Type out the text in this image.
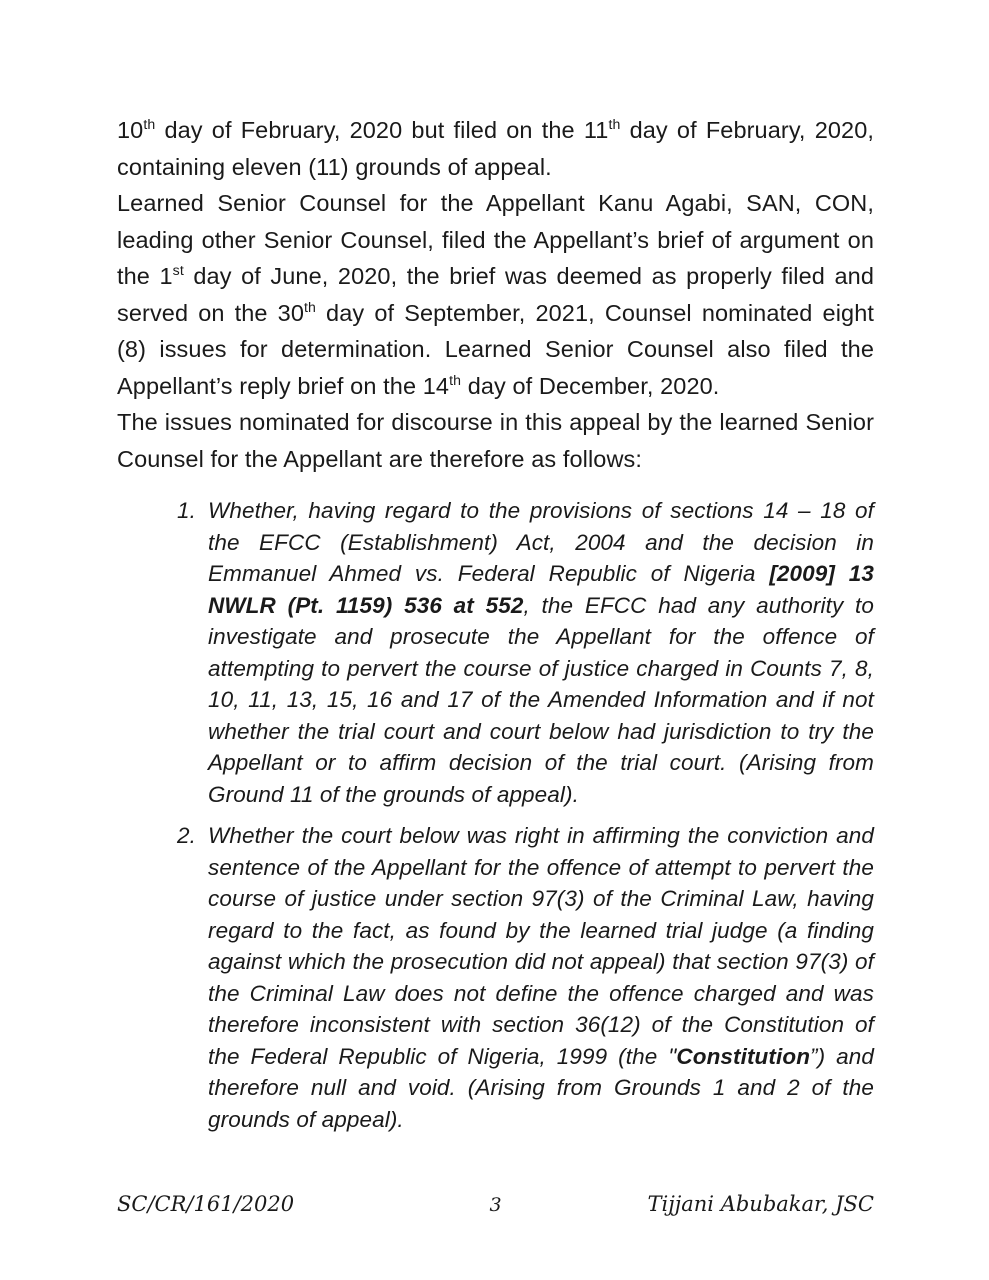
10th day of February, 2020 but filed on the 11th day of February, 2020, containing eleven (11) grounds of appeal.

Learned Senior Counsel for the Appellant Kanu Agabi, SAN, CON, leading other Senior Counsel, filed the Appellant’s brief of argument on the 1st day of June, 2020, the brief was deemed as properly filed and served on the 30th day of September, 2021, Counsel nominated eight (8) issues for determination. Learned Senior Counsel also filed the Appellant’s reply brief on the 14th day of December, 2020.

The issues nominated for discourse in this appeal by the learned Senior Counsel for the Appellant are therefore as follows:

1. Whether, having regard to the provisions of sections 14 – 18 of the EFCC (Establishment) Act, 2004 and the decision in Emmanuel Ahmed vs. Federal Republic of Nigeria [2009] 13 NWLR (Pt. 1159) 536 at 552, the EFCC had any authority to investigate and prosecute the Appellant for the offence of attempting to pervert the course of justice charged in Counts 7, 8, 10, 11, 13, 15, 16 and 17 of the Amended Information and if not whether the trial court and court below had jurisdiction to try the Appellant or to affirm decision of the trial court. (Arising from Ground 11 of the grounds of appeal).
2. Whether the court below was right in affirming the conviction and sentence of the Appellant for the offence of attempt to pervert the course of justice under section 97(3) of the Criminal Law, having regard to the fact, as found by the learned trial judge (a finding against which the prosecution did not appeal) that section 97(3) of the Criminal Law does not define the offence charged and was therefore inconsistent with section 36(12) of the Constitution of the Federal Republic of Nigeria, 1999 (the "Constitution”) and therefore null and void. (Arising from Grounds 1 and 2 of the grounds of appeal).
SC/CR/161/2020	3	Tijjani Abubakar, JSC
